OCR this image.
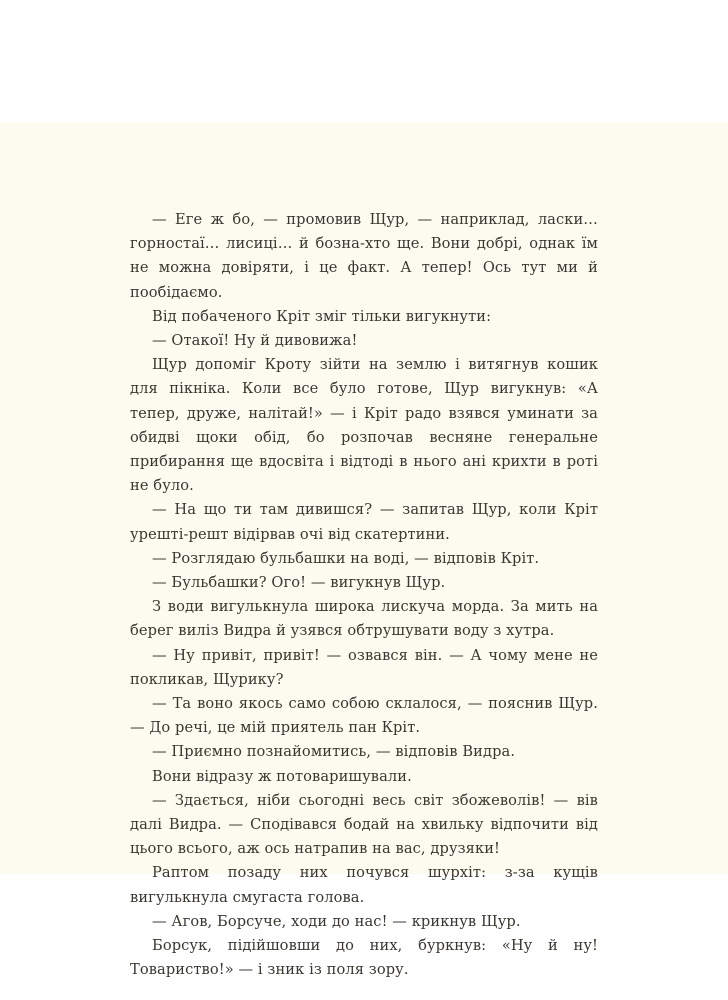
— Еге ж бо, — промовив Щур, — наприклад, ласки… горностаї… лисиці… й бозна-хто ще. Вони добрі, однак їм не можна довіряти, і це факт. А тепер! Ось тут ми й пообідаємо.

Від побаченого Кріт зміг тільки вигукнути:

— Отакої! Ну й дивовижа!

Щур допоміг Кроту зійти на землю і витягнув кошик для пікніка. Коли все було готове, Щур вигукнув: «А тепер, друже, налітай!» — і Кріт радо взявся уминати за обидві щоки обід, бо розпочав весняне генеральне прибирання ще вдосвіта і відтоді в нього ані крихти в роті не було.

— На що ти там дивишся? — запитав Щур, коли Кріт урешті-решт відірвав очі від скатертини.

— Розглядаю бульбашки на воді, — відповів Кріт.

— Бульбашки? Ого! — вигукнув Щур.

З води вигулькнула широка лискуча морда. За мить на берег виліз Видра й узявся обтрушувати воду з хутра.

— Ну привіт, привіт! — озвався він. — А чому мене не покликав, Щурику?

— Та воно якось само собою склалося, — пояснив Щур. — До речі, це мій приятель пан Кріт.

— Приємно познайомитись, — відповів Видра.

Вони відразу ж потоваришували.

— Здається, ніби сьогодні весь світ збожеволів! — вів далі Видра. — Сподівався бодай на хвильку відпочити від цього всього, аж ось натрапив на вас, друзяки!

Раптом позаду них почувся шурхіт: з-за кущів вигулькнула смугаста голова.

— Агов, Борсуче, ходи до нас! — крикнув Щур.

Борсук, підійшовши до них, буркнув: «Ну й ну! Товариство!» — і зник із поля зору.
